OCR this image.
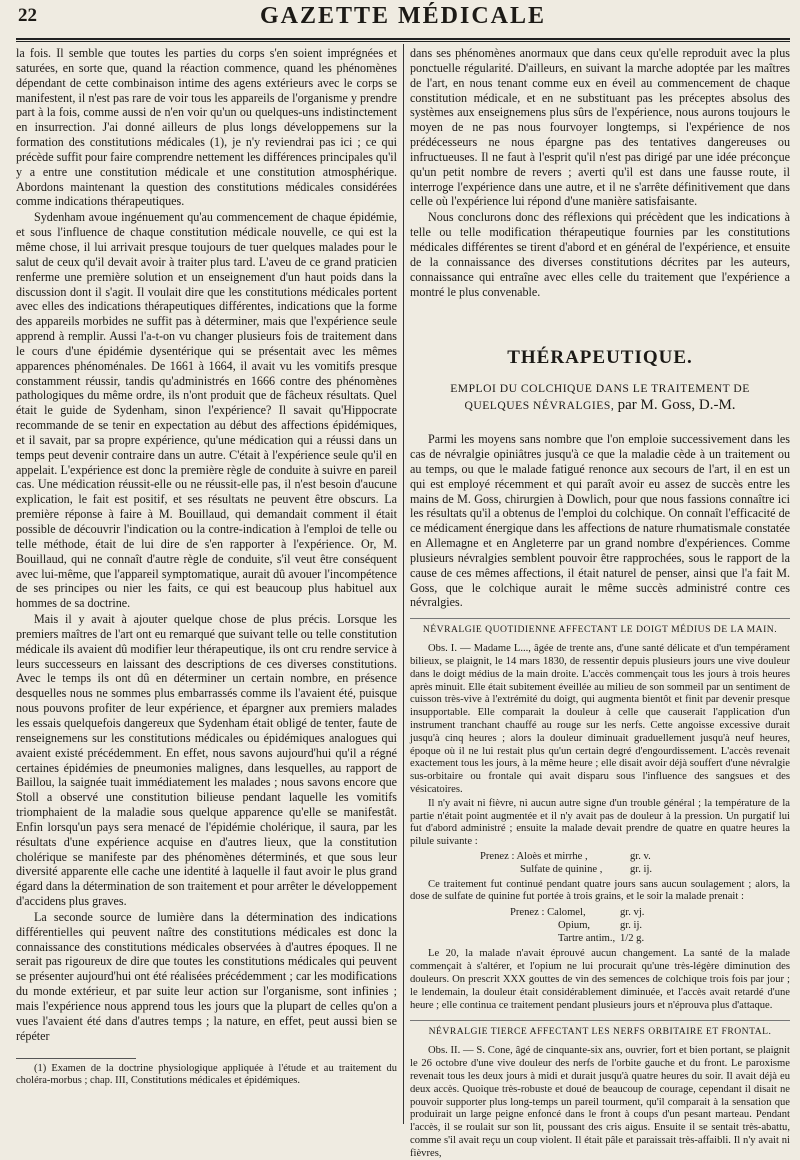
22	GAZETTE MÉDICALE

la fois. Il semble que toutes les parties du corps s'en soient imprégnées et saturées, en sorte que, quand la réaction commence, quand les phénomènes dépendant de cette combinaison intime des agens extérieurs avec le corps se manifestent, il n'est pas rare de voir tous les appareils de l'organisme y prendre part à la fois, comme aussi de n'en voir qu'un ou quelques-uns indistinctement en insurrection. J'ai donné ailleurs de plus longs développemens sur la formation des constitutions médicales (1), je n'y reviendrai pas ici ; ce qui précède suffit pour faire comprendre nettement les différences principales qu'il y a entre une constitution médicale et une constitution atmosphérique. Abordons maintenant la question des constitutions médicales considérées comme indications thérapeutiques.

Sydenham avoue ingénuement qu'au commencement de chaque épidémie, et sous l'influence de chaque constitution médicale nouvelle, ce qui est la même chose, il lui arrivait presque toujours de tuer quelques malades pour le salut de ceux qu'il devait avoir à traiter plus tard. L'aveu de ce grand praticien renferme une première solution et un enseignement d'un haut poids dans la discussion dont il s'agit. Il voulait dire que les constitutions médicales portent avec elles des indications thérapeutiques différentes, indications que la forme des appareils morbides ne suffit pas à déterminer, mais que l'expérience seule apprend à remplir. Aussi l'a-t-on vu changer plusieurs fois de traitement dans le cours d'une épidémie dysentérique qui se présentait avec les mêmes apparences phénoménales. De 1661 à 1664, il avait vu les vomitifs presque constamment réussir, tandis qu'administrés en 1666 contre des phénomènes pathologiques du même ordre, ils n'ont produit que de fâcheux résultats. Quel était le guide de Sydenham, sinon l'expérience? Il savait qu'Hippocrate recommande de se tenir en expectation au début des affections épidémiques, et il savait, par sa propre expérience, qu'une médication qui a réussi dans un temps peut devenir contraire dans un autre. C'était à l'expérience seule qu'il en appelait. L'expérience est donc la première règle de conduite à suivre en pareil cas. Une médication réussit-elle ou ne réussit-elle pas, il n'est besoin d'aucune explication, le fait est positif, et ses résultats ne peuvent être obscurs. La première réponse à faire à M. Bouillaud, qui demandait comment il était possible de découvrir l'indication ou la contre-indication à l'emploi de telle ou telle méthode, était de lui dire de s'en rapporter à l'expérience. Or, M. Bouillaud, qui ne connaît d'autre règle de conduite, s'il veut être conséquent avec lui-même, que l'appareil symptomatique, aurait dû avouer l'incompétence de ses principes ou nier les faits, ce qui est beaucoup plus habituel aux hommes de sa doctrine.

Mais il y avait à ajouter quelque chose de plus précis. Lorsque les premiers maîtres de l'art ont eu remarqué que suivant telle ou telle constitution médicale ils avaient dû modifier leur thérapeutique, ils ont cru rendre service à leurs successeurs en laissant des descriptions de ces diverses constitutions. Avec le temps ils ont dû en déterminer un certain nombre, en présence desquelles nous ne sommes plus embarrassés comme ils l'avaient été, puisque nous pouvons profiter de leur expérience, et épargner aux premiers malades les essais quelquefois dangereux que Sydenham était obligé de tenter, faute de renseignemens sur les constitutions médicales ou épidémiques analogues qui avaient existé précédemment. En effet, nous savons aujourd'hui qu'il a régné certaines épidémies de pneumonies malignes, dans lesquelles, au rapport de Baillou, la saignée tuait immédiatement les malades ; nous savons encore que Stoll a observé une constitution bilieuse pendant laquelle les vomitifs triomphaient de la maladie sous quelque apparence qu'elle se manifestât. Enfin lorsqu'un pays sera menacé de l'épidémie cholérique, il saura, par les résultats d'une expérience acquise en d'autres lieux, que la constitution cholérique se manifeste par des phénomènes déterminés, et que sous leur diversité apparente elle cache une identité à laquelle il faut avoir le plus grand égard dans la détermination de son traitement et pour arrêter le développement d'accidens plus graves.

La seconde source de lumière dans la détermination des indications différentielles qui peuvent naître des constitutions médicales est donc la connaissance des constitutions médicales observées à d'autres époques. Il ne serait pas rigoureux de dire que toutes les constitutions médicales qui peuvent se présenter aujourd'hui ont été réalisées précédemment ; car les modifications du monde extérieur, et par suite leur action sur l'organisme, sont infinies ; mais l'expérience nous apprend tous les jours que la plupart de celles qu'on a vues l'avaient été dans d'autres temps ; la nature, en effet, peut aussi bien se répéter

(1) Examen de la doctrine physiologique appliquée à l'étude et au traitement du choléra-morbus ; chap. III, Constitutions médicales et épidémiques.

dans ses phénomènes anormaux que dans ceux qu'elle reproduit avec la plus ponctuelle régularité. D'ailleurs, en suivant la marche adoptée par les maîtres de l'art, en nous tenant comme eux en éveil au commencement de chaque constitution médicale, et en ne substituant pas les préceptes absolus des systèmes aux enseignemens plus sûrs de l'expérience, nous aurons toujours le moyen de ne pas nous fourvoyer longtemps, si l'expérience de nos prédécesseurs ne nous épargne pas des tentatives dangereuses ou infructueuses. Il ne faut à l'esprit qu'il n'est pas dirigé par une idée préconçue qu'un petit nombre de revers ; averti qu'il est dans une fausse route, il interroge l'expérience dans une autre, et il ne s'arrête définitivement que dans celle où l'expérience lui répond d'une manière satisfaisante.

Nous conclurons donc des réflexions qui précèdent que les indications à telle ou telle modification thérapeutique fournies par les constitutions médicales différentes se tirent d'abord et en général de l'expérience, et ensuite de la connaissance des diverses constitutions décrites par les auteurs, connaissance qui entraîne avec elles celle du traitement que l'expérience a montré le plus convenable.

THÉRAPEUTIQUE.
EMPLOI DU COLCHIQUE DANS LE TRAITEMENT DE QUELQUES NÉVRALGIES, par M. Goss, D.-M.

Parmi les moyens sans nombre que l'on emploie successivement dans les cas de névralgie opiniâtres jusqu'à ce que la maladie cède à un traitement ou au temps, ou que le malade fatigué renonce aux secours de l'art, il en est un qui est employé récemment et qui paraît avoir eu assez de succès entre les mains de M. Goss, chirurgien à Dowlich, pour que nous fassions connaître ici les résultats qu'il a obtenus de l'emploi du colchique. On connaît l'efficacité de ce médicament énergique dans les affections de nature rhumatismale constatée en Allemagne et en Angleterre par un grand nombre d'expériences. Comme plusieurs névralgies semblent pouvoir être rapprochées, sous le rapport de la cause de ces mêmes affections, il était naturel de penser, ainsi que l'a fait M. Goss, que le colchique aurait le même succès administré contre ces névralgies.

NÉVRALGIE QUOTIDIENNE AFFECTANT LE DOIGT MÉDIUS DE LA MAIN.

Obs. I. — Madame L..., âgée de trente ans, d'une santé délicate et d'un tempérament bilieux, se plaignit, le 14 mars 1830, de ressentir depuis plusieurs jours une vive douleur dans le doigt médius de la main droite. L'accès commençait tous les jours à trois heures après minuit. Elle était subitement éveillée au milieu de son sommeil par un sentiment de cuisson très-vive à l'extrémité du doigt, qui augmenta bientôt et finit par devenir presque insupportable. Elle comparait la douleur à celle que causerait l'application d'un instrument tranchant chauffé au rouge sur les nerfs. Cette angoisse excessive durait jusqu'à cinq heures ; alors la douleur diminuait graduellement jusqu'à neuf heures, époque où il ne lui restait plus qu'un certain degré d'engourdissement. L'accès revenait exactement tous les jours, à la même heure ; elle disait avoir déjà souffert d'une névralgie sus-orbitaire ou frontale qui avait disparu sous l'influence des sangsues et des vésicatoires.

Il n'y avait ni fièvre, ni aucun autre signe d'un trouble général ; la température de la partie n'était point augmentée et il n'y avait pas de douleur à la pression. Un purgatif lui fut d'abord administré ; ensuite la malade devait prendre de quatre en quatre heures la pilule suivante :

Prenez : Aloès et mirrhe ,	gr. v.
Sulfate de quinine ,	gr. ij.

Ce traitement fut continué pendant quatre jours sans aucun soulagement ; alors, la dose de sulfate de quinine fut portée à trois grains, et le soir la malade prenait :

Prenez : Calomel,	gr. vj.
Opium,	gr. ij.
Tartre antim., 1/2 g.

Le 20, la malade n'avait éprouvé aucun changement. La santé de la malade commençait à s'altérer, et l'opium ne lui procurait qu'une très-légère diminution des douleurs. On prescrit XXX gouttes de vin des semences de colchique trois fois par jour ; le lendemain, la douleur était considérablement diminuée, et l'accès avait retardé d'une heure ; elle continua ce traitement pendant plusieurs jours et n'éprouva plus d'attaque.

NÉVRALGIE TIERCE AFFECTANT LES NERFS ORBITAIRE ET FRONTAL.

Obs. II. — S. Cone, âgé de cinquante-six ans, ouvrier, fort et bien portant, se plaignit le 26 octobre d'une vive douleur des nerfs de l'orbite gauche et du front. Le paroxisme revenait tous les deux jours à midi et durait jusqu'à quatre heures du soir. Il avait déjà eu deux accès. Quoique très-robuste et doué de beaucoup de courage, cependant il disait ne pouvoir supporter plus long-temps un pareil tourment, qu'il comparait à la sensation que produirait un large peigne enfoncé dans le front à coups d'un pesant marteau. Pendant l'accès, il se roulait sur son lit, poussant des cris aigus. Ensuite il se sentait très-abattu, comme s'il avait reçu un coup violent. Il était pâle et paraissait très-affaibli. Il n'y avait ni fièvres,
